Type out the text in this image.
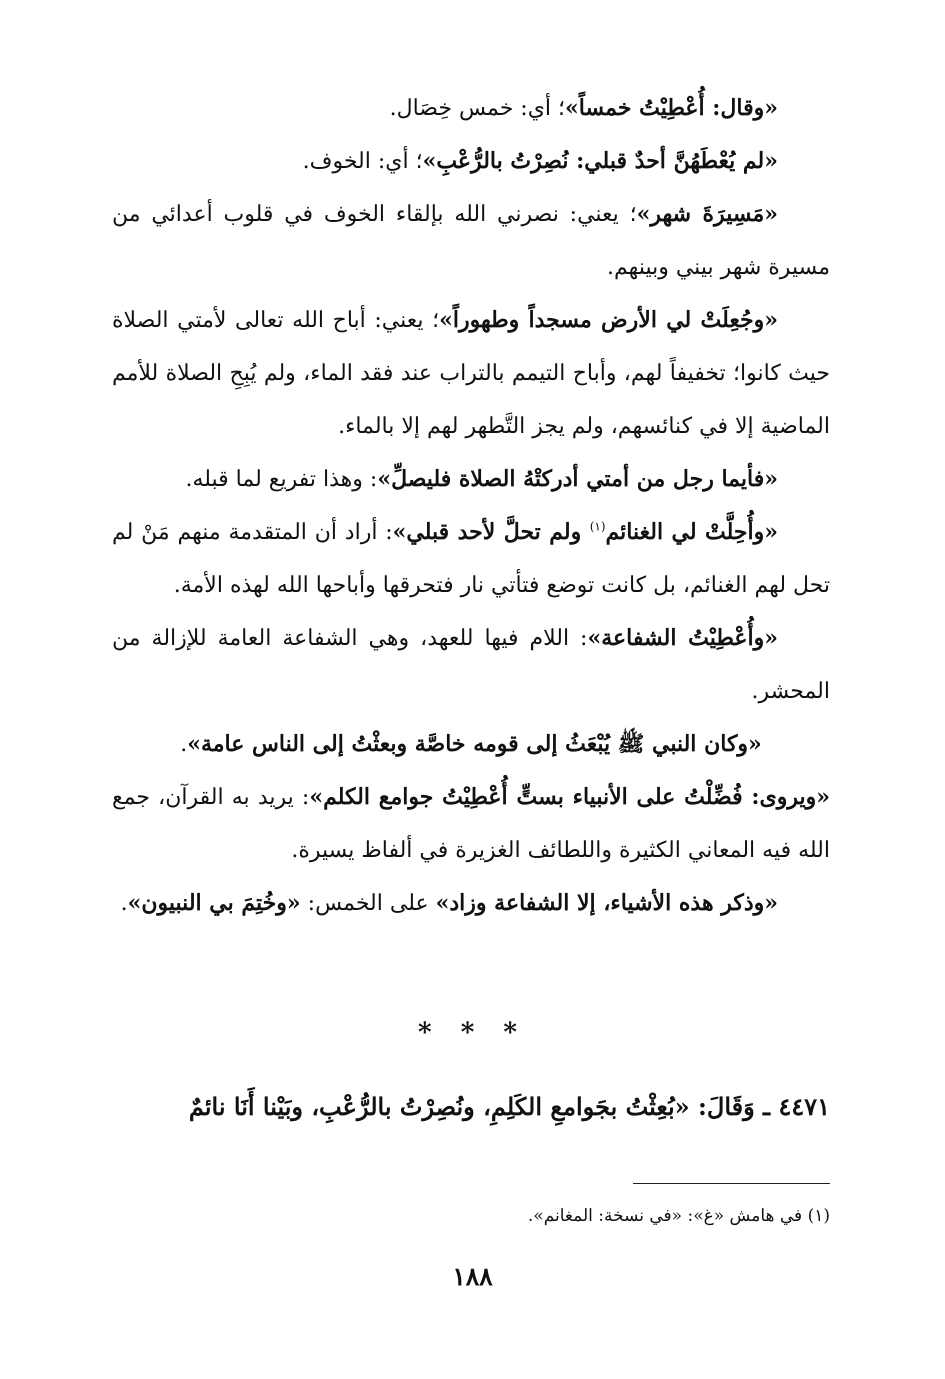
«وقال: أُعْطِيْتُ خمساً»؛ أي: خمس خِصَال.

«لم يُعْطَهُنَّ أحدٌ قبلي: نُصِرْتُ بالرُّعْبِ»؛ أي: الخوف.

«مَسِيرَةَ شهر»؛ يعني: نصرني الله بإلقاء الخوف في قلوب أعدائي من مسيرة شهر بيني وبينهم.

«وجُعِلَتْ لي الأرض مسجداً وطهوراً»؛ يعني: أباح الله تعالى لأمتي الصلاة حيث كانوا؛ تخفيفاً لهم، وأباح التيمم بالتراب عند فقد الماء، ولم يُبِحِ الصلاة للأمم الماضية إلا في كنائسهم، ولم يجز التَّطهر لهم إلا بالماء.

«فأيما رجل من أمتي أدركتْهُ الصلاة فليصلِّ»: وهذا تفريع لما قبله.

«وأُحِلَّتْ لي الغنائم$^{(١)}$ ولم تحلَّ لأحد قبلي»: أراد أن المتقدمة منهم مَنْ لم تحل لهم الغنائم، بل كانت توضع فتأتي نار فتحرقها وأباحها الله لهذه الأمة.

«وأُعْطِيْتُ الشفاعة»: اللام فيها للعهد، وهي الشفاعة العامة للإزالة من المحشر.

«وكان النبي ﷺ يُبْعَثُ إلى قومه خاصَّة وبعثْتُ إلى الناس عامة».

«ويروى: فُضِّلْتُ على الأنبياء بستٍّ أُعْطِيْتُ جوامع الكلم»: يريد به القرآن، جمع الله فيه المعاني الكثيرة واللطائف الغزيرة في ألفاظ يسيرة.

«وذكر هذه الأشياء، إلا الشفاعة وزاد» على الخمس: «وخُتِمَ بي النبيون».

* * *
٤٤٧١ ـ وَقَالَ: «بُعِثْتُ بجَوامعِ الكَلِمِ، ونُصِرْتُ بالرُّعْبِ، وبَيْنا أَنَا نائمٌ
(١) في هامش «غ»: «في نسخة: المغانم».
١٨٨
